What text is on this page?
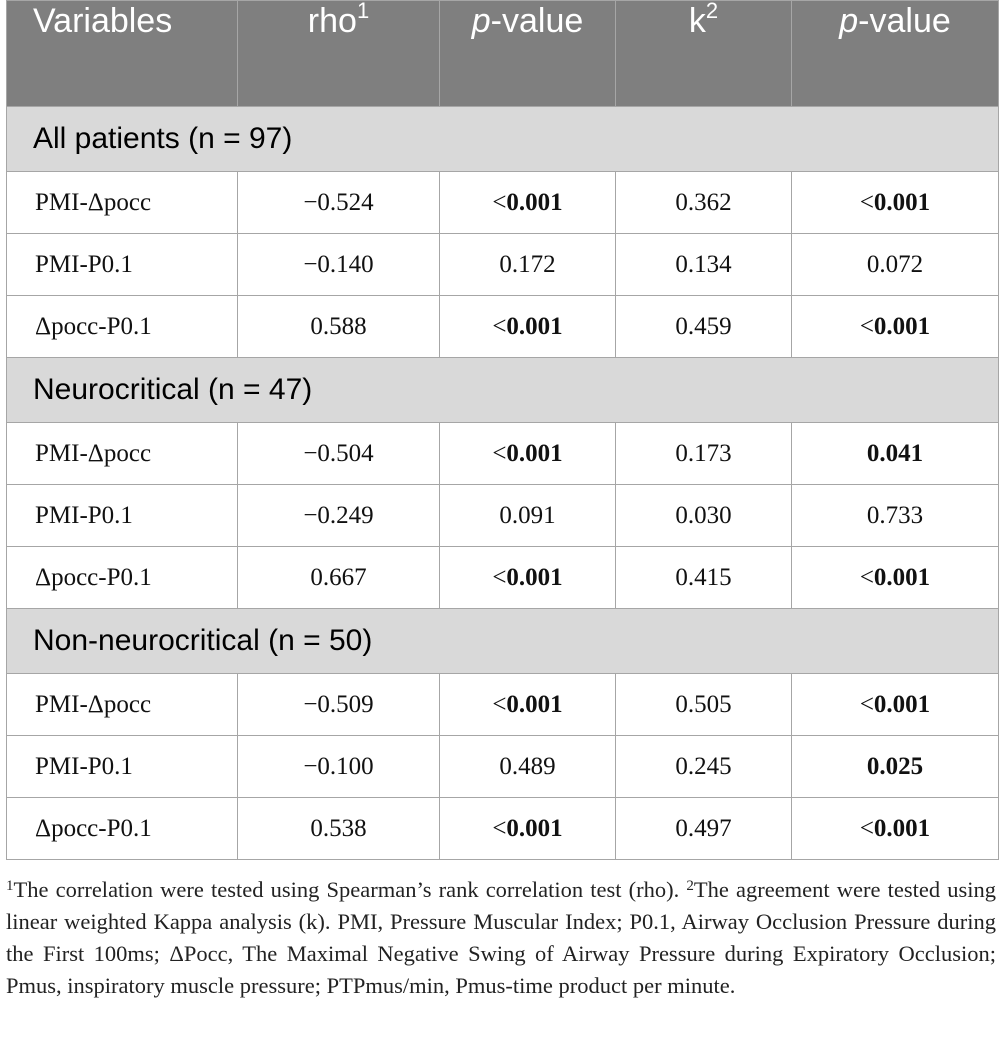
Variables	rho$^1$	p-value	$k^2$	p-value
All patients (n = 97)				
PMI-Δpocc	−0.524	<0.001	0.362	<0.001
PMI-P0.1	−0.140	0.172	0.134	0.072
Δpocc-P0.1	0.588	<0.001	0.459	<0.001
Neurocritical (n = 47)				
PMI-Δpocc	−0.504	<0.001	0.173	0.041
PMI-P0.1	−0.249	0.091	0.030	0.733
Δpocc-P0.1	0.667	<0.001	0.415	<0.001
Non-neurocritical (n = 50)				
PMI-Δpocc	−0.509	<0.001	0.505	<0.001
PMI-P0.1	−0.100	0.489	0.245	0.025
Δpocc-P0.1	0.538	<0.001	0.497	<0.001

$^1$The correlation were tested using Spearman’s rank correlation test (rho). $^2$The agreement were tested using linear weighted Kappa analysis (k). PMI, Pressure Muscular Index; P0.1, Airway Occlusion Pressure during the First 100ms; ΔPocc, The Maximal Negative Swing of Airway Pressure during Expiratory Occlusion; Pmus, inspiratory muscle pressure; PTPmus/min, Pmus-time product per minute.
